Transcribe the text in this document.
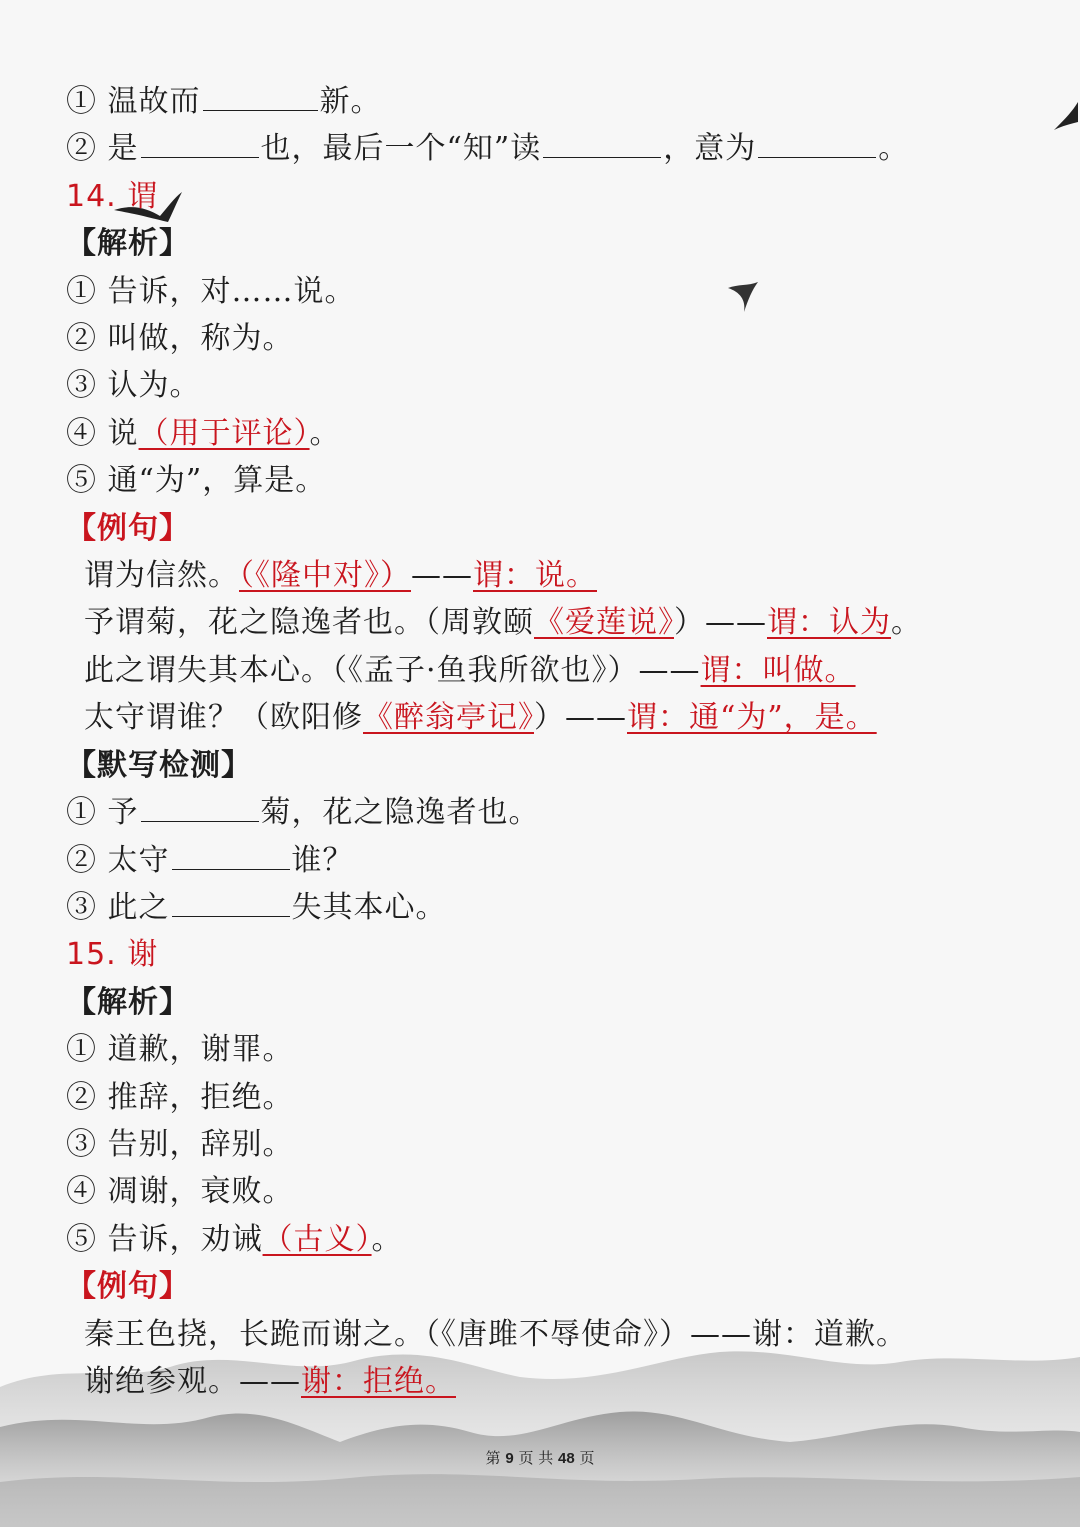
① 温故而	新。
② 是	也，最后一个“知”读	，意为	。
14. 谓
【解析】
① 告诉，对……说。
② 叫做，称为。
③ 认为。
④ 说（用于评论）。
⑤ 通“为”，算是。
【例句】
谓为信然。（《隆中对》）——谓：说。
予谓菊，花之隐逸者也。（周敦颐《爱莲说》）——谓：认为。
此之谓失其本心。（《孟子·鱼我所欲也》）——谓：叫做。
太守谓谁？（欧阳修《醉翁亭记》）——谓：通“为”，是。
【默写检测】
① 予	菊，花之隐逸者也。
② 太守	谁？
③ 此之	失其本心。
15. 谢
【解析】
① 道歉，谢罪。
② 推辞，拒绝。
③ 告别，辞别。
④ 凋谢，衰败。
⑤ 告诉，劝诫（古义）。
【例句】
秦王色挠，长跪而谢之。（《唐雎不辱使命》）——谢：道歉。
谢绝参观。——谢：拒绝。
第 9 页 共 48 页
